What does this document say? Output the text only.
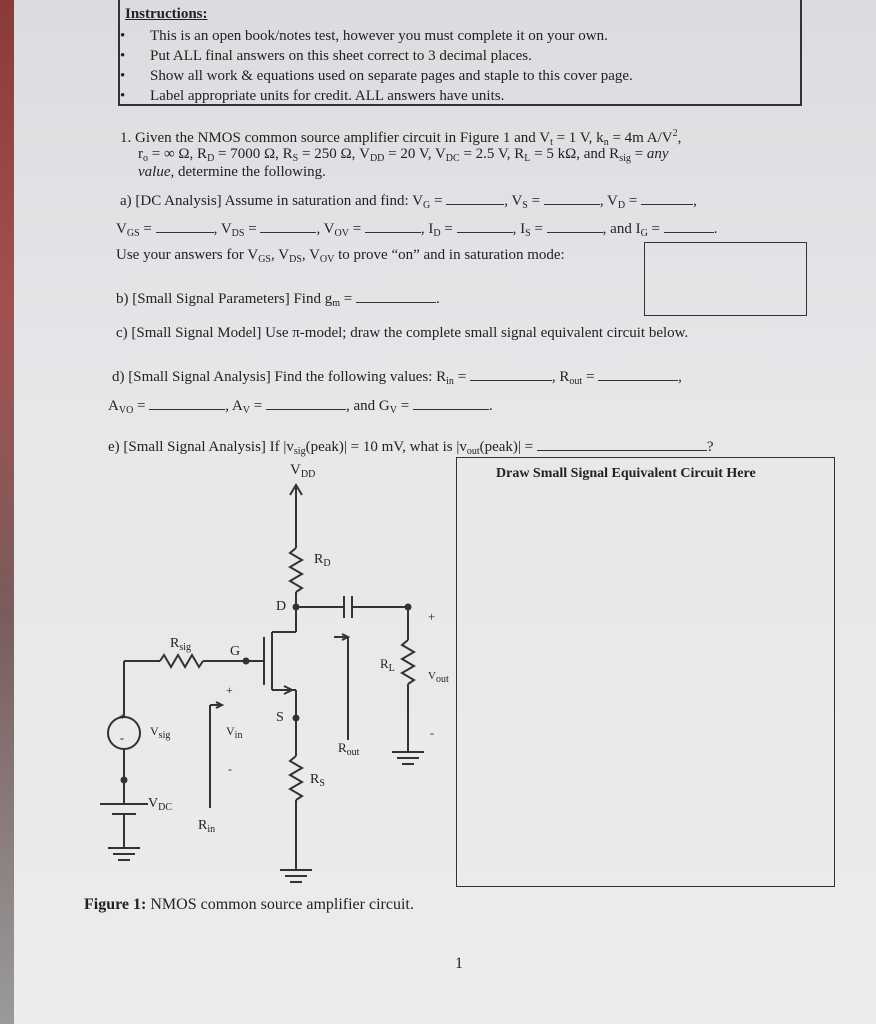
Instructions:
• This is an open book/notes test, however you must complete it on your own.
• Put ALL final answers on this sheet correct to 3 decimal places.
• Show all work & equations used on separate pages and staple to this cover page.
• Label appropriate units for credit. ALL answers have units.
1. Given the NMOS common source amplifier circuit in Figure 1 and $V_t = 1$ V, $k_n = 4m$ $A/V^2$,
$r_o$ = ∞ Ω, $R_D = 7000$ Ω, $R_S = 250$ Ω, $V_{DD} = 20$ V, $V_{DC} = 2.5$ V, $R_L = 5$ kΩ, and $R_{sig}$ = any
value, determine the following.
a) [DC Analysis] Assume in saturation and find: $V_G$ =	, $V_S$ =	, $V_D$ =	,
$V_{GS}$ =	, $V_{DS}$ =	, $V_{OV}$ =	, $I_D$ =	, $I_S$ =	, and $I_G$ =	.
Use your answers for $V_{GS}$, $V_{DS}$, $V_{OV}$ to prove “on” and in saturation mode:
b) [Small Signal Parameters] Find $g_m$ =	.
c) [Small Signal Model] Use π-model; draw the complete small signal equivalent circuit below.
d) [Small Signal Analysis] Find the following values: $R_{in}$ =	, $R_{out}$ =	,
$A_{VO}$ =	, $A_V$ =	, and $G_V$ =	.
e) [Small Signal Analysis] If $|v_{sig}(peak)| = 10$ mV, what is $|v_{out}(peak)|$ =	?
Draw Small Signal Equivalent Circuit Here
$V_{DD}$
$R_D$
D
G
S
$R_{sig}$
$V_{sig}$
+
-
+
$V_{in}$
-
$V_{DC}$
$R_{in}$
$R_S$
$R_L$
$R_{out}$
+
Vout
-
Figure 1: NMOS common source amplifier circuit.
1
